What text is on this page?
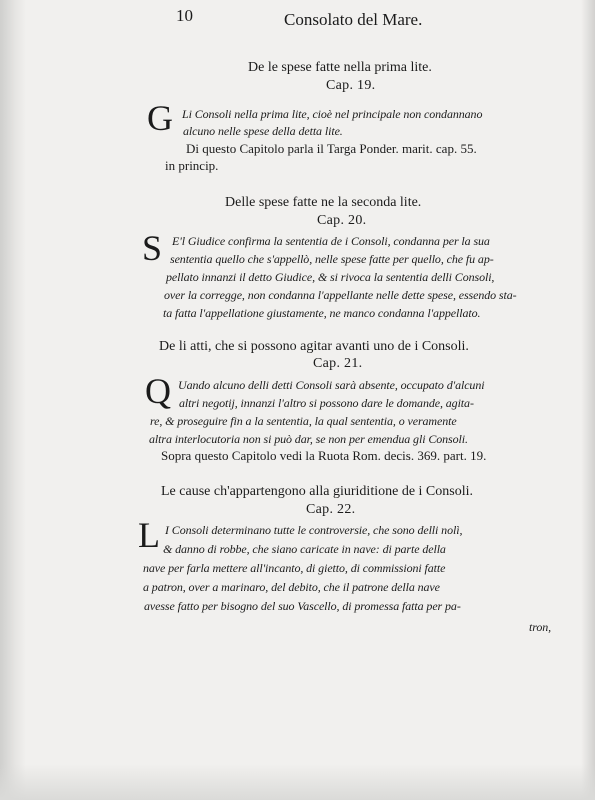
10	Consolato del Mare.
De le spese fatte nella prima lite.
Cap. 19.
G Li Consoli nella prima lite, cioè nel principale non condannano
alcuno nelle spese della detta lite.
Di questo Capitolo parla il Targa Ponder. marit. cap. 55.
in princip.
Delle spese fatte ne la seconda lite.
Cap. 20.
S E'l Giudice confirma la sententia de i Consoli, condanna per la sua
sententia quello che s'appellò, nelle spese fatte per quello, che fu ap-
pellato innanzi il detto Giudice, & si rivoca la sententia delli Consoli,
over la corregge, non condanna l'appellante nelle dette spese, essendo sta-
ta fatta l'appellatione giustamente, ne manco condanna l'appellato.
De li atti, che si possono agitar avanti uno de i Consoli.
Cap. 21.
Q Uando alcuno delli detti Consoli sarà absente, occupato d'alcuni
altri negotij, innanzi l'altro si possono dare le domande, agita-
re, & proseguire fin a la sententia, la qual sententia, o veramente
altra interlocutoria non si può dar, se non per emendua gli Consoli.
Sopra questo Capitolo vedi la Ruota Rom. decis. 369. part. 19.
Le cause ch'appartengono alla giuriditione de i Consoli.
Cap. 22.
L I Consoli determinano tutte le controversie, che sono delli nolì,
& danno di robbe, che siano caricate in nave: di parte della
nave per farla mettere all'incanto, di gietto, di commissioni fatte
a patron, over a marinaro, del debito, che il patrone della nave
avesse fatto per bisogno del suo Vascello, di promessa fatta per pa-
tron,
